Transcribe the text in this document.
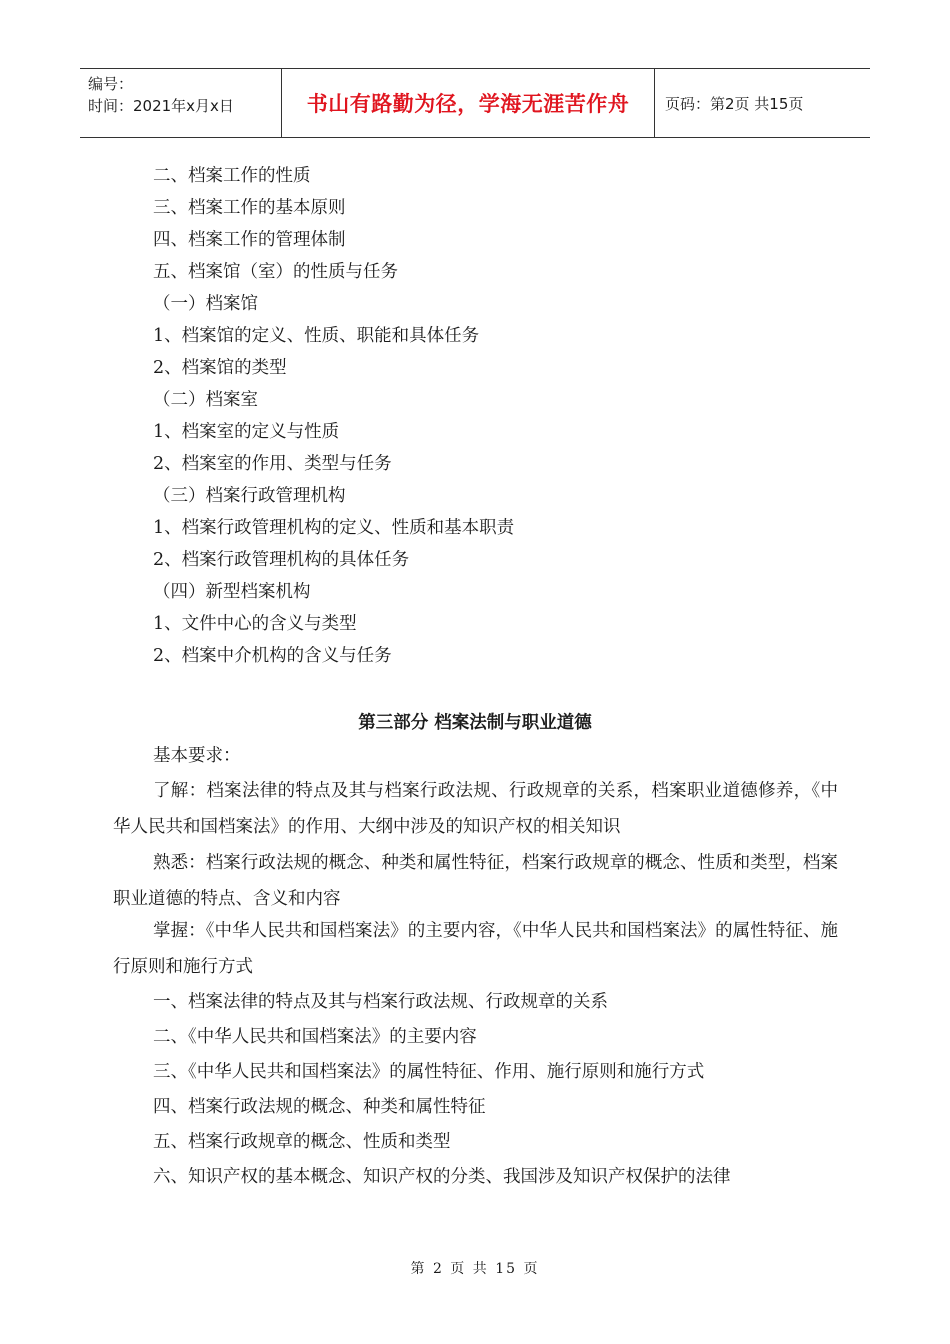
编号：
时间：2021年x月x日	书山有路勤为径，学海无涯苦作舟 页码：第2页 共15页
二、档案工作的性质
三、档案工作的基本原则
四、档案工作的管理体制
五、档案馆（室）的性质与任务
（一）档案馆
1、档案馆的定义、性质、职能和具体任务
2、档案馆的类型
（二）档案室
1、档案室的定义与性质
2、档案室的作用、类型与任务
（三）档案行政管理机构
1、档案行政管理机构的定义、性质和基本职责
2、档案行政管理机构的具体任务
（四）新型档案机构
1、文件中心的含义与类型
2、档案中介机构的含义与任务
第三部分 档案法制与职业道德
基本要求：
了解：档案法律的特点及其与档案行政法规、行政规章的关系，档案职业道德修养，《中华人民共和国档案法》的作用、大纲中涉及的知识产权的相关知识
熟悉：档案行政法规的概念、种类和属性特征，档案行政规章的概念、性质和类型，档案职业道德的特点、含义和内容
掌握：《中华人民共和国档案法》的主要内容，《中华人民共和国档案法》的属性特征、施行原则和施行方式
一、档案法律的特点及其与档案行政法规、行政规章的关系
二、《中华人民共和国档案法》的主要内容
三、《中华人民共和国档案法》的属性特征、作用、施行原则和施行方式
四、档案行政法规的概念、种类和属性特征
五、档案行政规章的概念、性质和类型
六、知识产权的基本概念、知识产权的分类、我国涉及知识产权保护的法律
第 2 页 共 15 页
